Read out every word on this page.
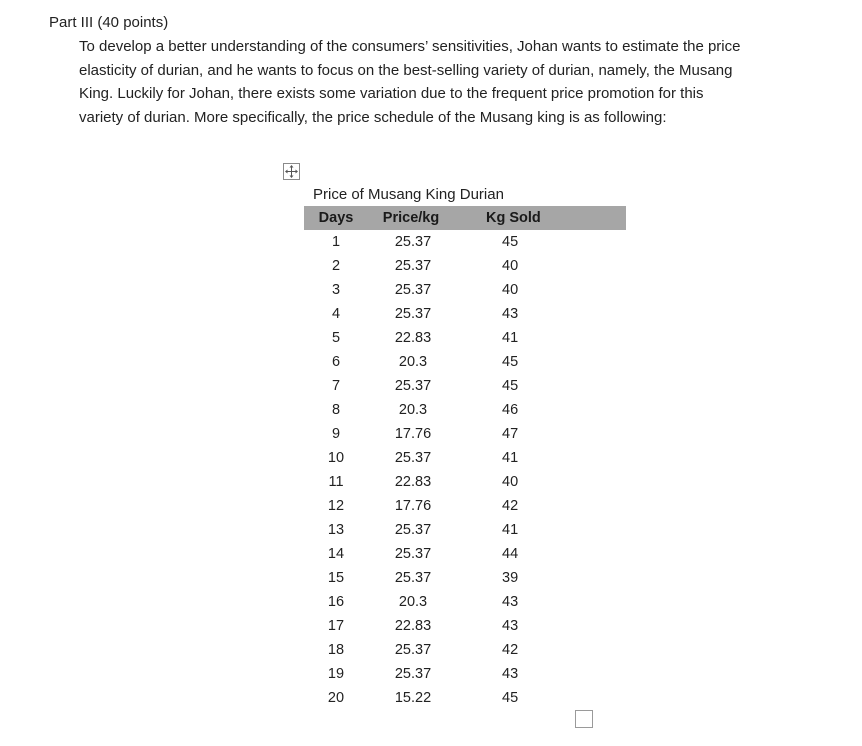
Part III (40 points)
To develop a better understanding of the consumers’ sensitivities, Johan wants to estimate the price
elasticity of durian, and he wants to focus on the best-selling variety of durian, namely, the Musang
King. Luckily for Johan, there exists some variation due to the frequent price promotion for this
variety of durian. More specifically, the price schedule of the Musang king is as following:
Price of Musang King Durian
Days	Price/kg	Kg Sold
1	25.37	45
2	25.37	40
3	25.37	40
4	25.37	43
5	22.83	41
6	20.3	45
7	25.37	45
8	20.3	46
9	17.76	47
10	25.37	41
11	22.83	40
12	17.76	42
13	25.37	41
14	25.37	44
15	25.37	39
16	20.3	43
17	22.83	43
18	25.37	42
19	25.37	43
20	15.22	45
